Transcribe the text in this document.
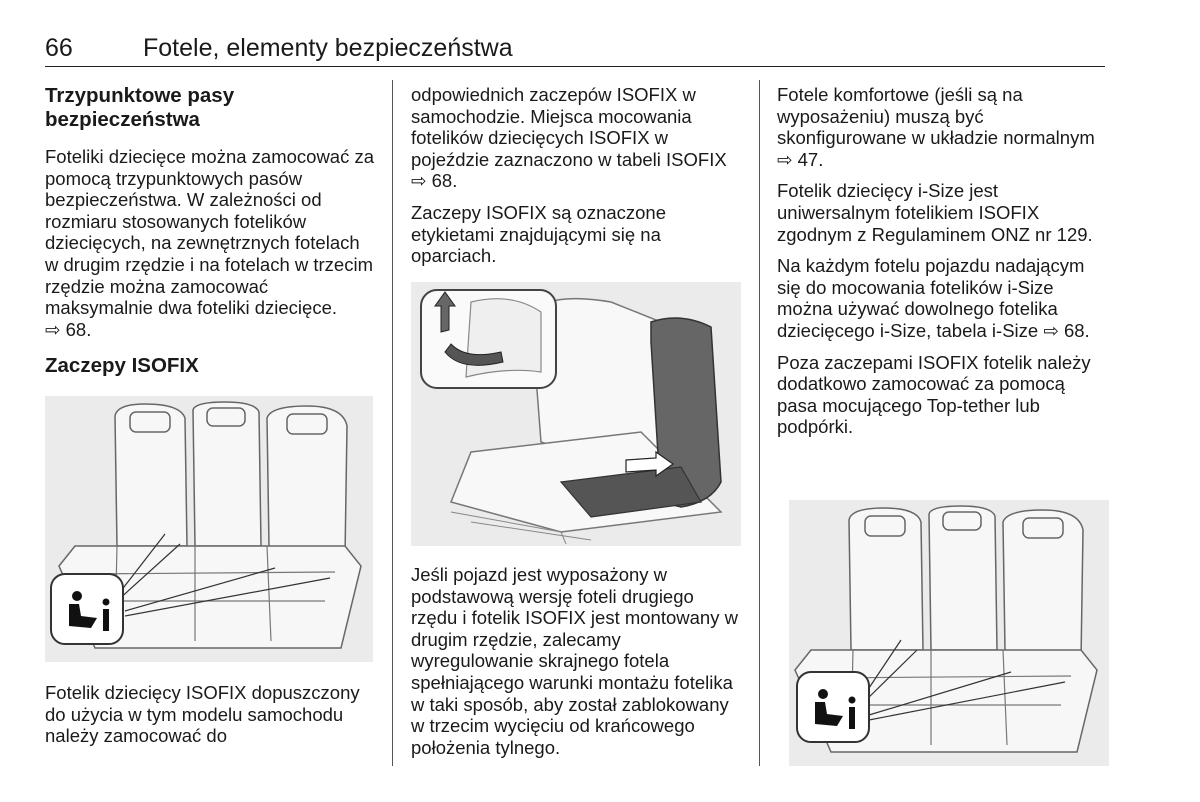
66	Fotele, elementy bezpieczeństwa
Trzypunktowe pasy bezpieczeństwa

Foteliki dziecięce można zamocować za pomocą trzypunktowych pasów bezpieczeństwa. W zależności od rozmiaru stosowanych fotelików dziecięcych, na zewnętrznych fotelach w drugim rzędzie i na fotelach w trzecim rzędzie można zamocować maksymalnie dwa foteliki dziecięce. ⇨ 68.

Zaczepy ISOFIX

Fotelik dziecięcy ISOFIX dopuszczony do użycia w tym modelu samochodu należy zamocować do

odpowiednich zaczepów ISOFIX w samochodzie. Miejsca mocowania fotelików dziecięcych ISOFIX w pojeździe zaznaczono w tabeli ISOFIX ⇨ 68.

Zaczepy ISOFIX są oznaczone etykietami znajdującymi się na oparciach.

Jeśli pojazd jest wyposażony w podstawową wersję foteli drugiego rzędu i fotelik ISOFIX jest montowany w drugim rzędzie, zalecamy wyregulowanie skrajnego fotela spełniającego warunki montażu fotelika w taki sposób, aby został zablokowany w trzecim wycięciu od krańcowego położenia tylnego.

Fotele komfortowe (jeśli są na wyposażeniu) muszą być skonfigurowane w układzie normalnym ⇨ 47.

Fotelik dziecięcy i-Size jest uniwersalnym fotelikiem ISOFIX zgodnym z Regulaminem ONZ nr 129.

Na każdym fotelu pojazdu nadającym się do mocowania fotelików i-Size można używać dowolnego fotelika dziecięcego i-Size, tabela i-Size ⇨ 68.

Poza zaczepami ISOFIX fotelik należy dodatkowo zamocować za pomocą pasa mocującego Top-tether lub podpórki.
